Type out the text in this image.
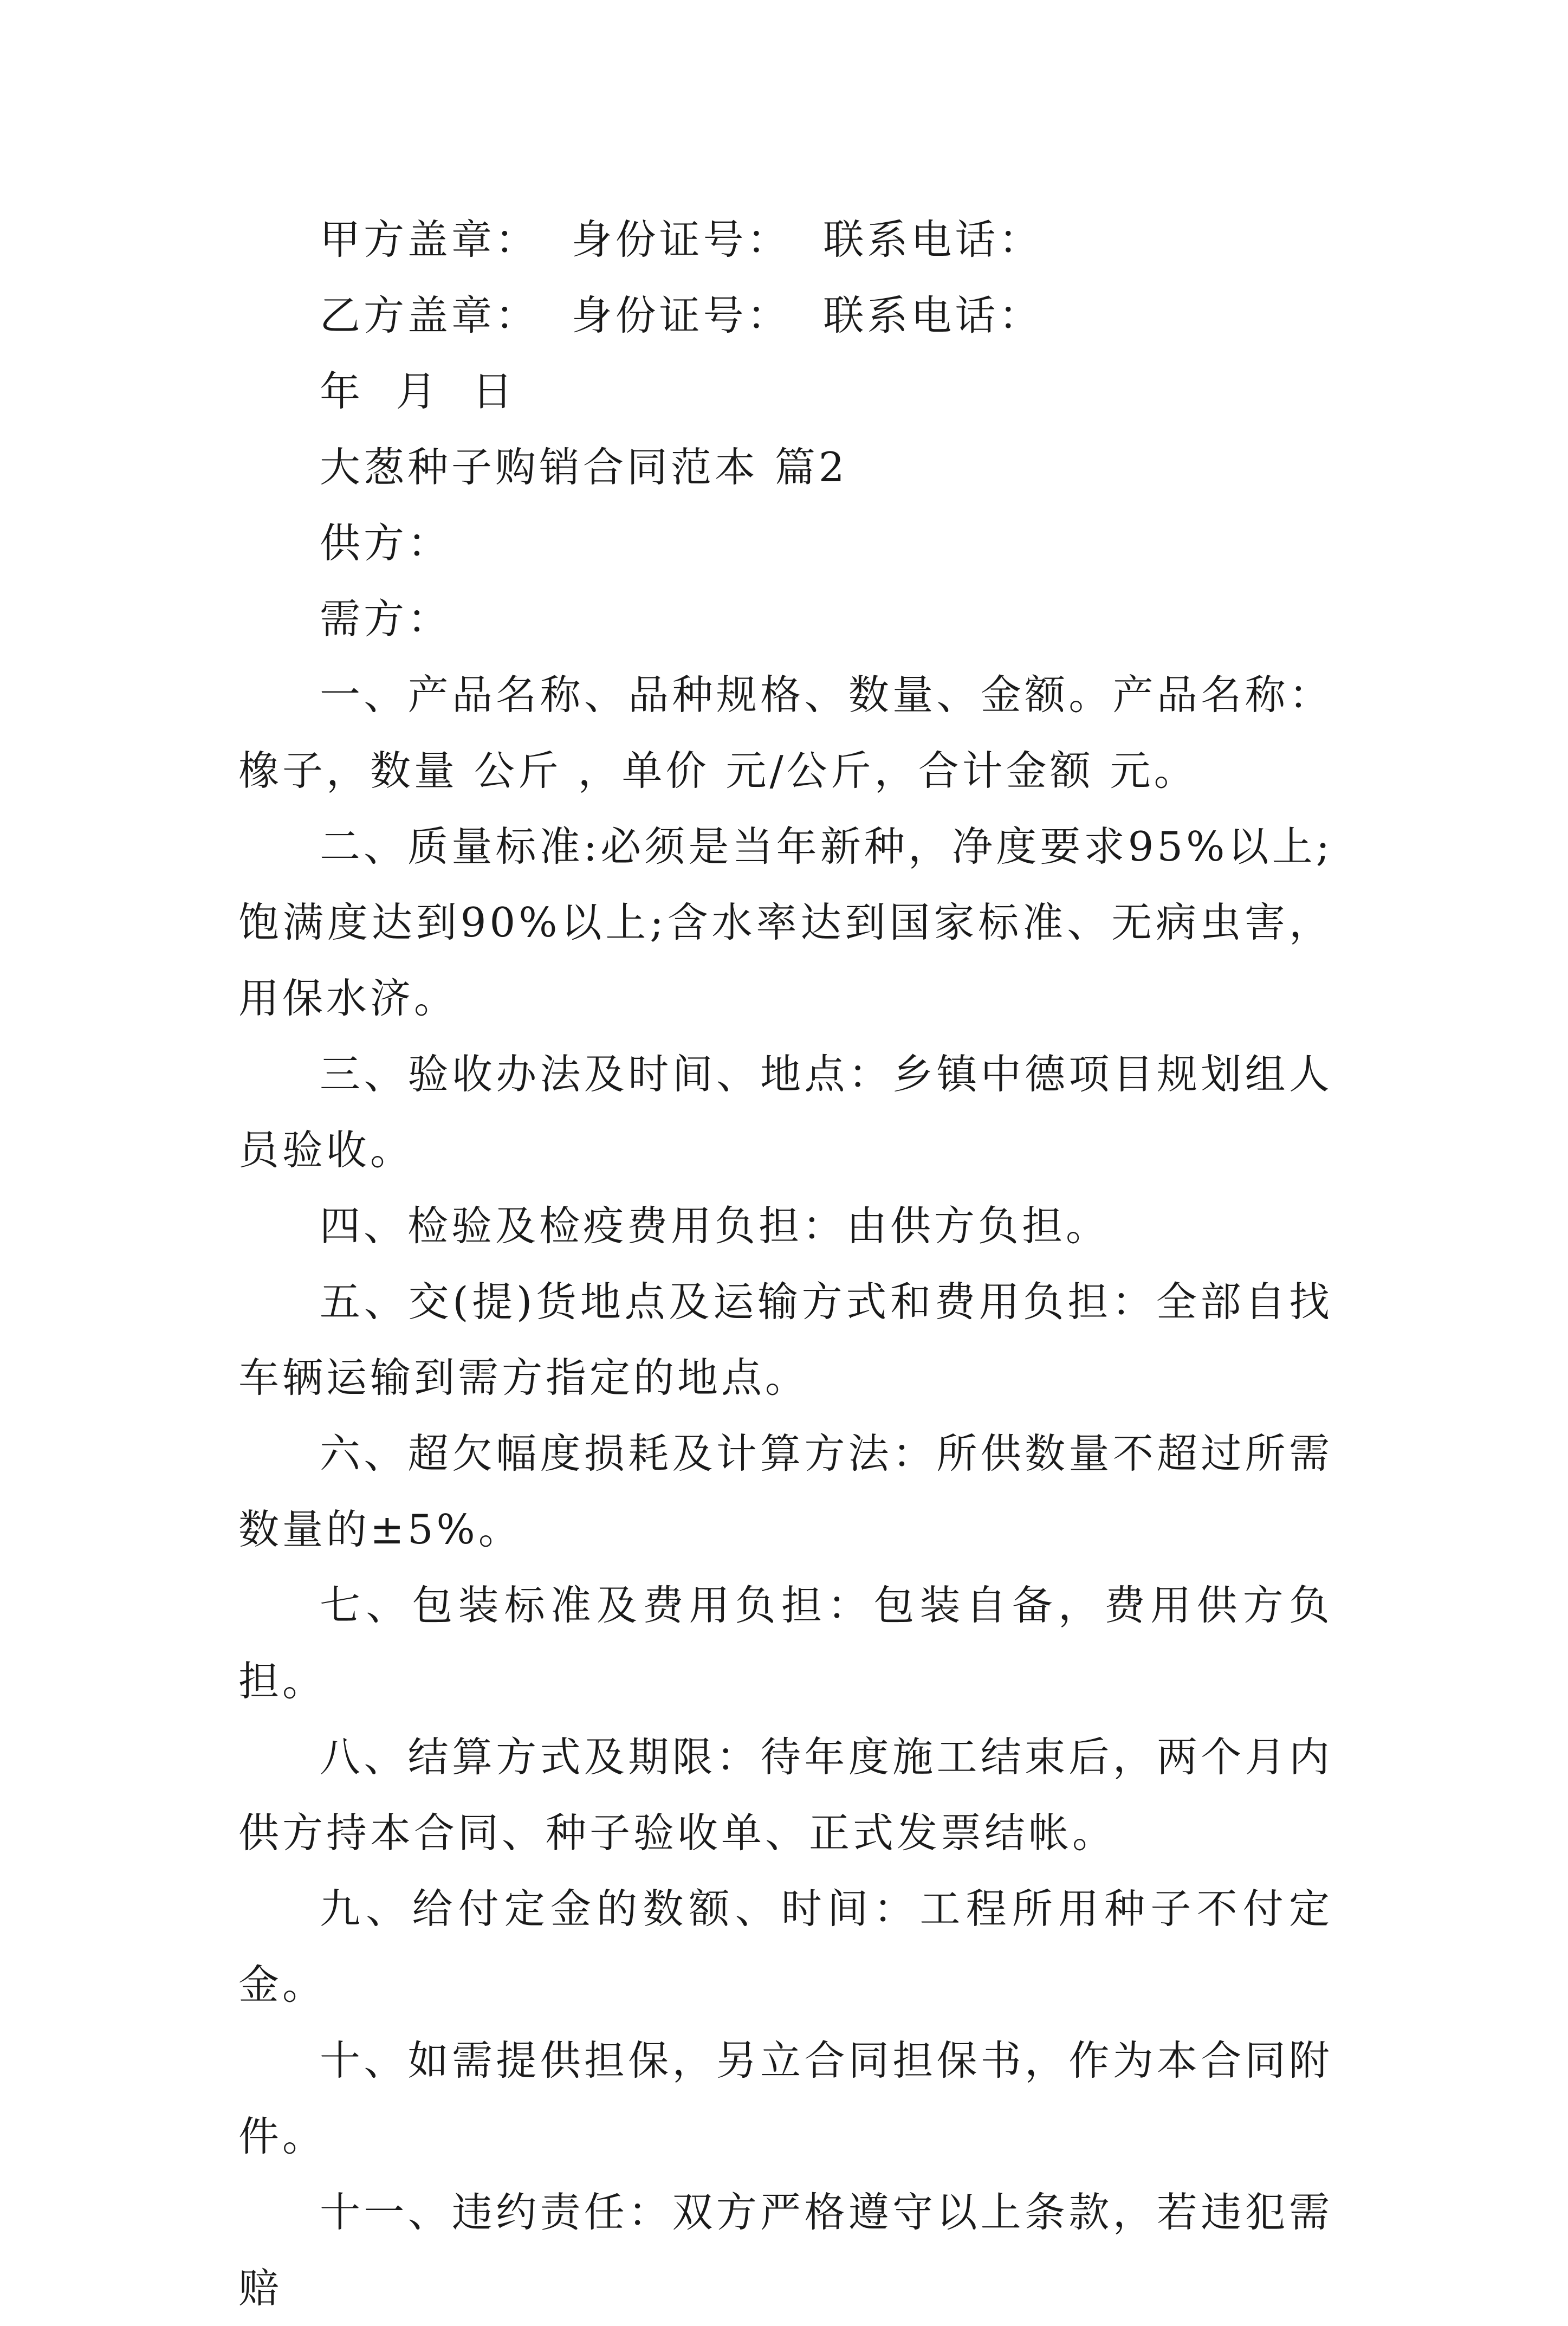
甲方盖章：  身份证号：  联系电话：

乙方盖章：  身份证号：  联系电话：

年  月  日

大葱种子购销合同范本 篇2

供方：

需方：

一、产品名称、品种规格、数量、金额。产品名称：橡子，数量 公斤 ，单价 元/公斤，合计金额 元。

二、质量标准:必须是当年新种，净度要求95%以上;饱满度达到90%以上;含水率达到国家标准、无病虫害，用保水济。

三、验收办法及时间、地点：乡镇中德项目规划组人员验收。

四、检验及检疫费用负担：由供方负担。

五、交(提)货地点及运输方式和费用负担：全部自找车辆运输到需方指定的地点。

六、超欠幅度损耗及计算方法：所供数量不超过所需数量的±5%。

七、包装标准及费用负担：包装自备，费用供方负担。

八、结算方式及期限：待年度施工结束后，两个月内供方持本合同、种子验收单、正式发票结帐。

九、给付定金的数额、时间：工程所用种子不付定金。

十、如需提供担保，另立合同担保书，作为本合同附件。

十一、违约责任：双方严格遵守以上条款，若违犯需赔
